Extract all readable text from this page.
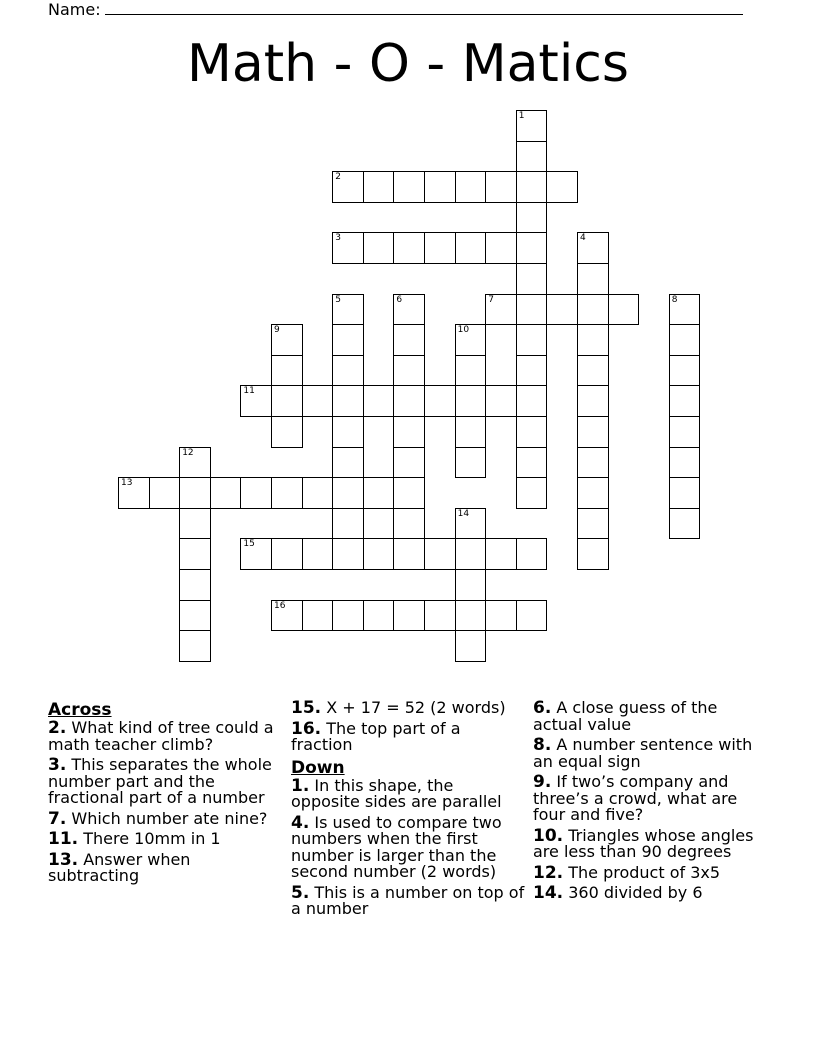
Name:
Math - O - Matics
2
3
7
11
13
15
16
1
4
5	6	8
9	10
12
14
Across
2. What kind of tree could a math teacher climb?
3. This separates the whole number part and the fractional part of a number
7. Which number ate nine?
11. There 10mm in 1
13. Answer when subtracting
15. X + 17 = 52 (2 words)
16. The top part of a fraction
Down
1. In this shape, the opposite sides are parallel
4. Is used to compare two numbers when the first number is larger than the second number (2 words)
5. This is a number on top of a number
6. A close guess of the actual value
8. A number sentence with an equal sign
9. If two’s company and three’s a crowd, what are four and five?
10. Triangles whose angles are less than 90 degrees
12. The product of 3x5
14. 360 divided by 6
